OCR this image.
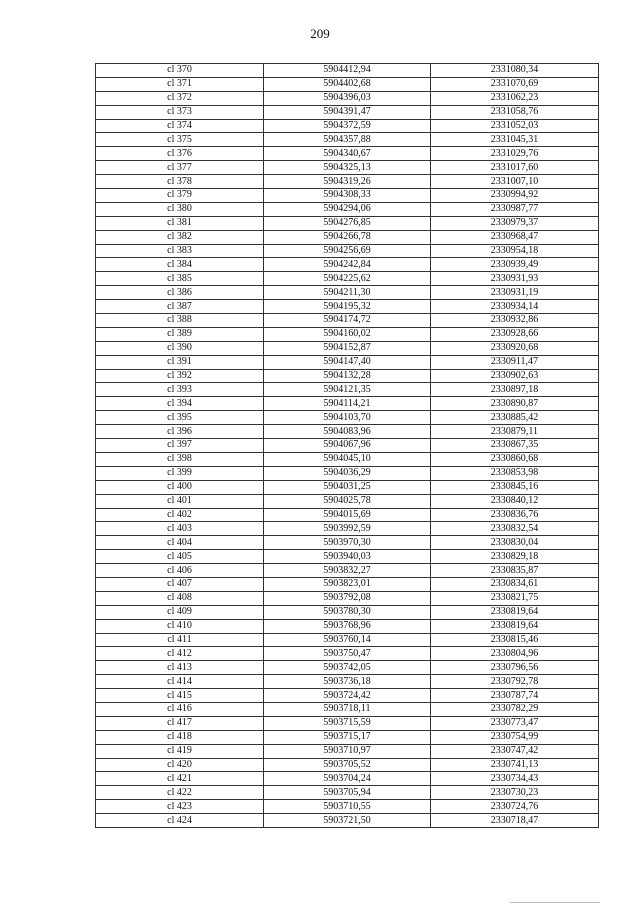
209
сl 370	5904412,94	2331080,34
сl 371	5904402,68	2331070,69
сl 372	5904396,03	2331062,23
сl 373	5904391,47	2331058,76
сl 374	5904372,59	2331052,03
сl 375	5904357,88	2331045,31
сl 376	5904340,67	2331029,76
сl 377	5904325,13	2331017,60
сl 378	5904319,26	2331007,10
сl 379	5904308,33	2330994,92
сl 380	5904294,06	2330987,77
сl 381	5904276,85	2330979,37
сl 382	5904266,78	2330968,47
сl 383	5904256,69	2330954,18
сl 384	5904242,84	2330939,49
сl 385	5904225,62	2330931,93
сl 386	5904211,30	2330931,19
сl 387	5904195,32	2330934,14
сl 388	5904174,72	2330932,86
сl 389	5904160,02	2330928,66
сl 390	5904152,87	2330920,68
сl 391	5904147,40	2330911,47
сl 392	5904132,28	2330902,63
сl 393	5904121,35	2330897,18
сl 394	5904114,21	2330890,87
сl 395	5904103,70	2330885,42
сl 396	5904083,96	2330879,11
сl 397	5904067,96	2330867,35
сl 398	5904045,10	2330860,68
сl 399	5904036,29	2330853,98
сl 400	5904031,25	2330845,16
сl 401	5904025,78	2330840,12
сl 402	5904015,69	2330836,76
сl 403	5903992,59	2330832,54
сl 404	5903970,30	2330830,04
сl 405	5903940,03	2330829,18
сl 406	5903832,27	2330835,87
сl 407	5903823,01	2330834,61
сl 408	5903792,08	2330821,75
сl 409	5903780,30	2330819,64
сl 410	5903768,96	2330819,64
сl 411	5903760,14	2330815,46
сl 412	5903750,47	2330804,96
сl 413	5903742,05	2330796,56
сl 414	5903736,18	2330792,78
сl 415	5903724,42	2330787,74
сl 416	5903718,11	2330782,29
сl 417	5903715,59	2330773,47
сl 418	5903715,17	2330754,99
сl 419	5903710,97	2330747,42
сl 420	5903705,52	2330741,13
сl 421	5903704,24	2330734,43
сl 422	5903705,94	2330730,23
сl 423	5903710,55	2330724,76
сl 424	5903721,50	2330718,47
